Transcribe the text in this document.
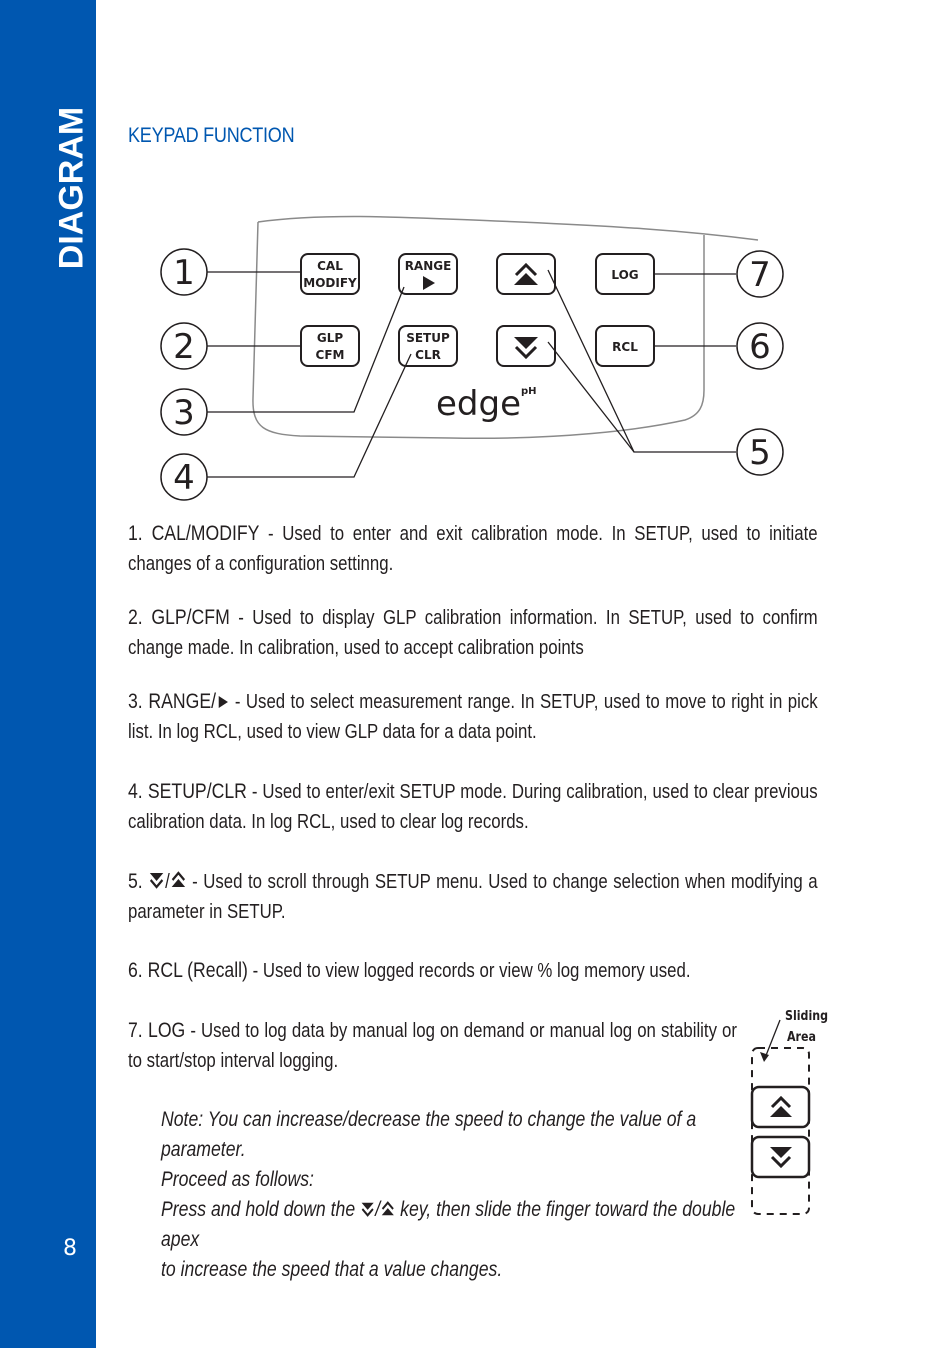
DIAGRAM
8
KEYPAD FUNCTION
CAL
MODIFY
RANGE
LOG
GLP
CFM
SETUP
CLR
RCL
edge pH
1
2
3
4
5
6
7
1. CAL/MODIFY - Used to enter and exit calibration mode. In SETUP, used to initiate changes of a configuration settinng.
2. GLP/CFM - Used to display GLP calibration information. In SETUP, used to confirm change made. In calibration, used to accept calibration points
3. RANGE/ - Used to select measurement range. In SETUP, used to move to right in pick list. In log RCL, used to view GLP data for a data point.
4. SETUP/CLR - Used to enter/exit SETUP mode. During calibration, used to clear previous calibration data. In log RCL, used to clear log records.
5. / - Used to scroll through SETUP menu. Used to change selection when modifying a parameter in SETUP.
6. RCL (Recall) - Used to view logged records or view % log memory used.
7. LOG - Used to log data by manual log on demand or manual log on stability or to start/stop interval logging.
Note: You can increase/decrease the speed to change the value of a parameter.
Proceed as follows:
Press and hold down the / key, then slide the finger toward the double apex
to increase the speed that a value changes.
Sliding
Area
